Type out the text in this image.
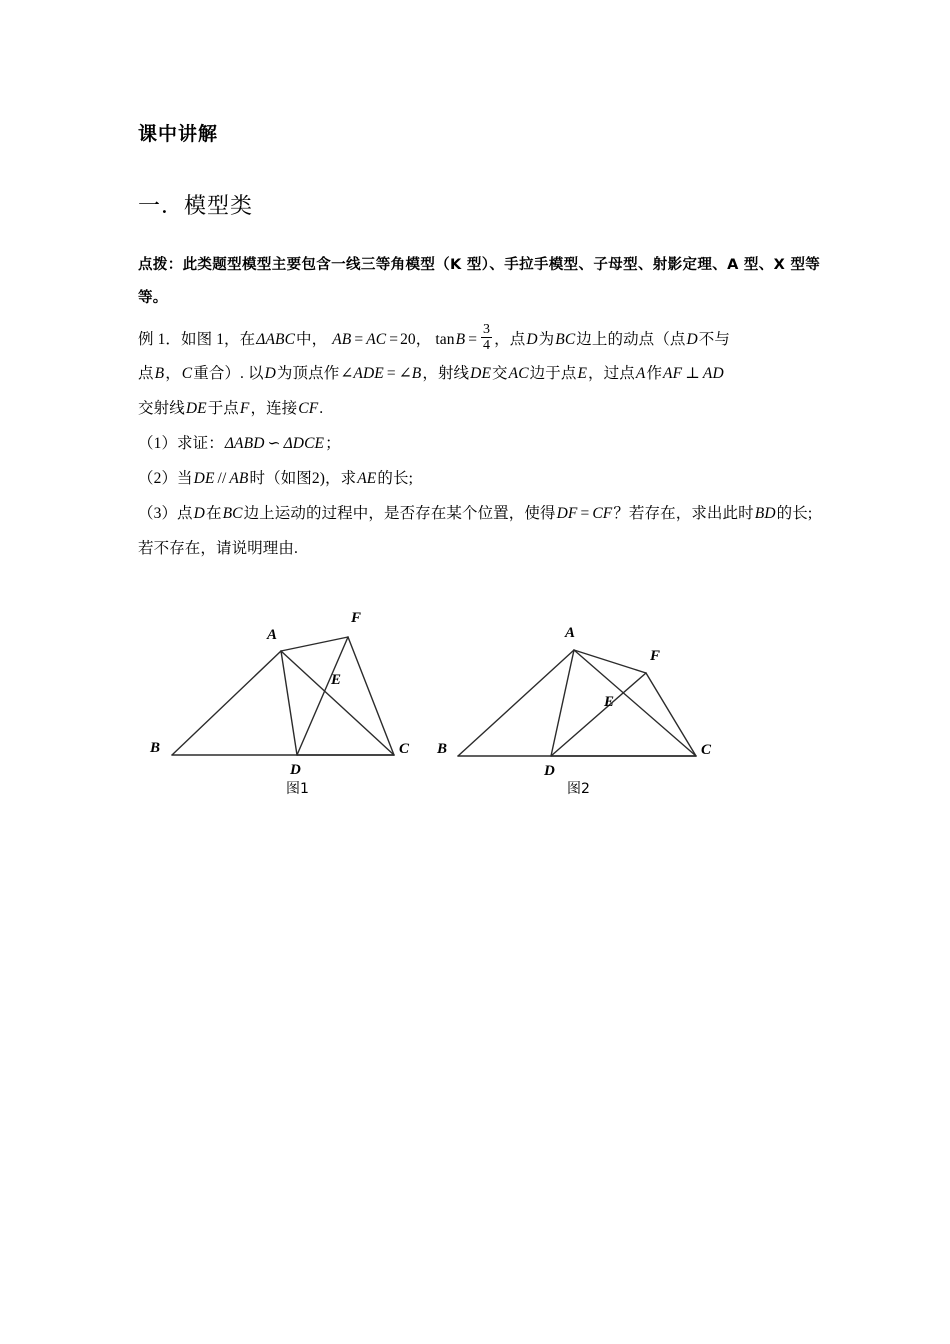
课中讲解
一．模型类

点拨：此类题型模型主要包含一线三等角模型（K 型）、手拉手模型、子母型、射影定理、A 型、X 型等等。

例 1．如图 1，在ΔABC中， AB = AC = 20， $\tan B = \frac{3}{4}$ ，点D为BC边上的动点（点D不与

点B，C重合）. 以D为顶点作∠ADE = ∠B，射线DE交AC边于点E，过点A作AF ⊥ AD

交射线DE于点F，连接CF.

（1）求证：ΔABD ∽ ΔDCE；

（2）当DE // AB时（如图2)，求AE的长;

（3）点D在BC边上运动的过程中，是否存在某个位置，使得DF = CF？若存在，求出此时BD的长; 若不存在，请说明理由.

B	C
D
A
F
E
B	C
D
A
F
E
图1	图2
